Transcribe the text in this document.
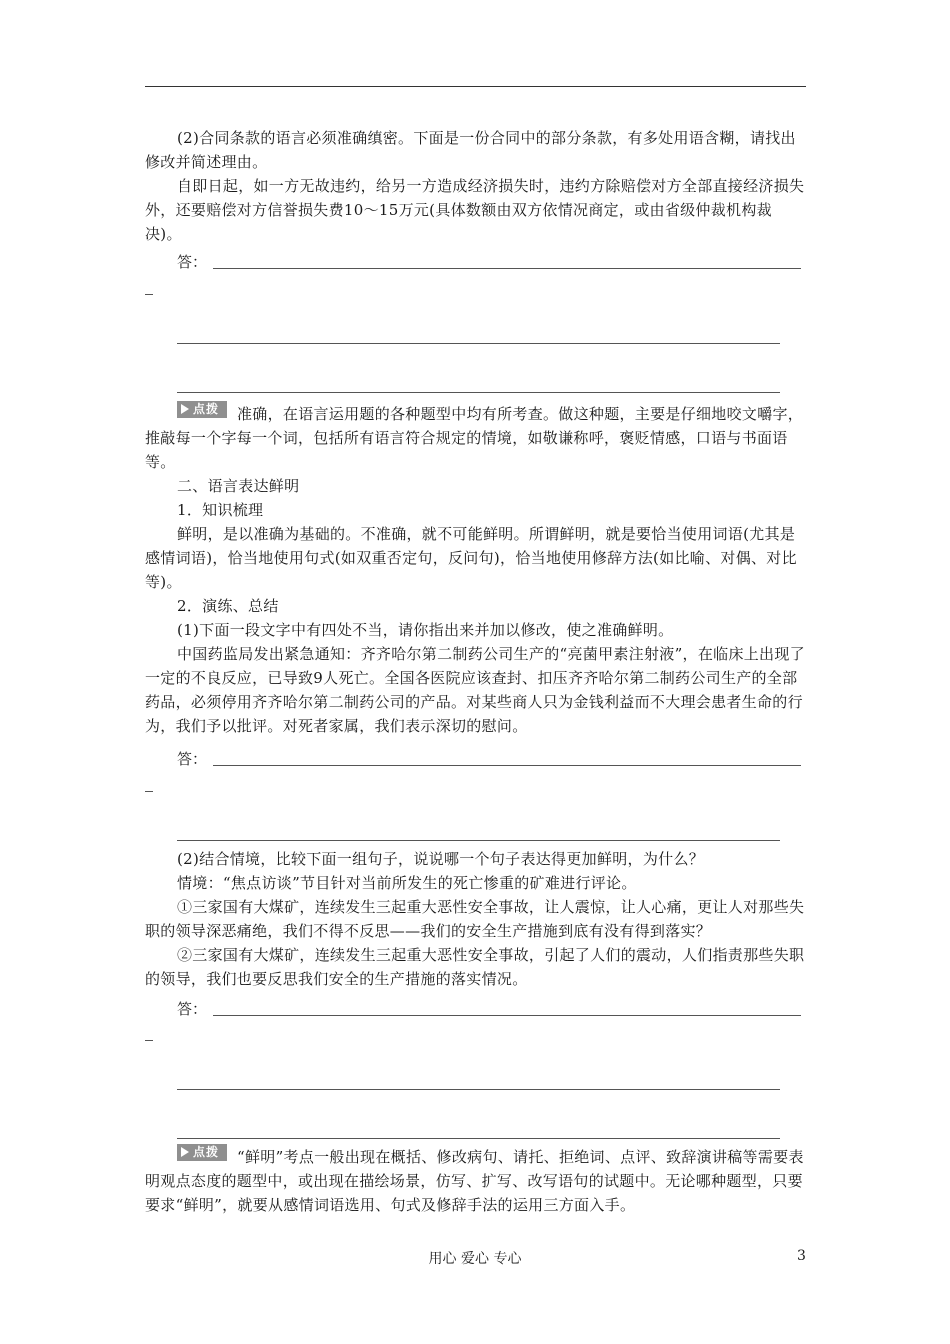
(2)合同条款的语言必须准确缜密。下面是一份合同中的部分条款，有多处用语含糊，请找出修改并简述理由。

自即日起，如一方无故违约，给另一方造成经济损失时，违约方除赔偿对方全部直接经济损失外，还要赔偿对方信誉损失费10～15万元(具体数额由双方依情况商定，或由省级仲裁机构裁决)。

答：

点拨 准确，在语言运用题的各种题型中均有所考查。做这种题，主要是仔细地咬文嚼字，推敲每一个字每一个词，包括所有语言符合规定的情境，如敬谦称呼，褒贬情感，口语与书面语等。

二、语言表达鲜明

1．知识梳理

鲜明，是以准确为基础的。不准确，就不可能鲜明。所谓鲜明，就是要恰当使用词语(尤其是感情词语)，恰当地使用句式(如双重否定句，反问句)，恰当地使用修辞方法(如比喻、对偶、对比等)。

2．演练、总结

(1)下面一段文字中有四处不当，请你指出来并加以修改，使之准确鲜明。

中国药监局发出紧急通知：齐齐哈尔第二制药公司生产的“亮菌甲素注射液”，在临床上出现了一定的不良反应，已导致9人死亡。全国各医院应该查封、扣压齐齐哈尔第二制药公司生产的全部药品，必须停用齐齐哈尔第二制药公司的产品。对某些商人只为金钱利益而不大理会患者生命的行为，我们予以批评。对死者家属，我们表示深切的慰问。

答：

(2)结合情境，比较下面一组句子，说说哪一个句子表达得更加鲜明，为什么？

情境：“焦点访谈”节目针对当前所发生的死亡惨重的矿难进行评论。

①三家国有大煤矿，连续发生三起重大恶性安全事故，让人震惊，让人心痛，更让人对那些失职的领导深恶痛绝，我们不得不反思——我们的安全生产措施到底有没有得到落实？

②三家国有大煤矿，连续发生三起重大恶性安全事故，引起了人们的震动，人们指责那些失职的领导，我们也要反思我们安全的生产措施的落实情况。

答：

点拨 “鲜明”考点一般出现在概括、修改病句、请托、拒绝词、点评、致辞演讲稿等需要表明观点态度的题型中，或出现在描绘场景，仿写、扩写、改写语句的试题中。无论哪种题型，只要要求“鲜明”，就要从感情词语选用、句式及修辞手法的运用三方面入手。

用心 爱心 专心	3
